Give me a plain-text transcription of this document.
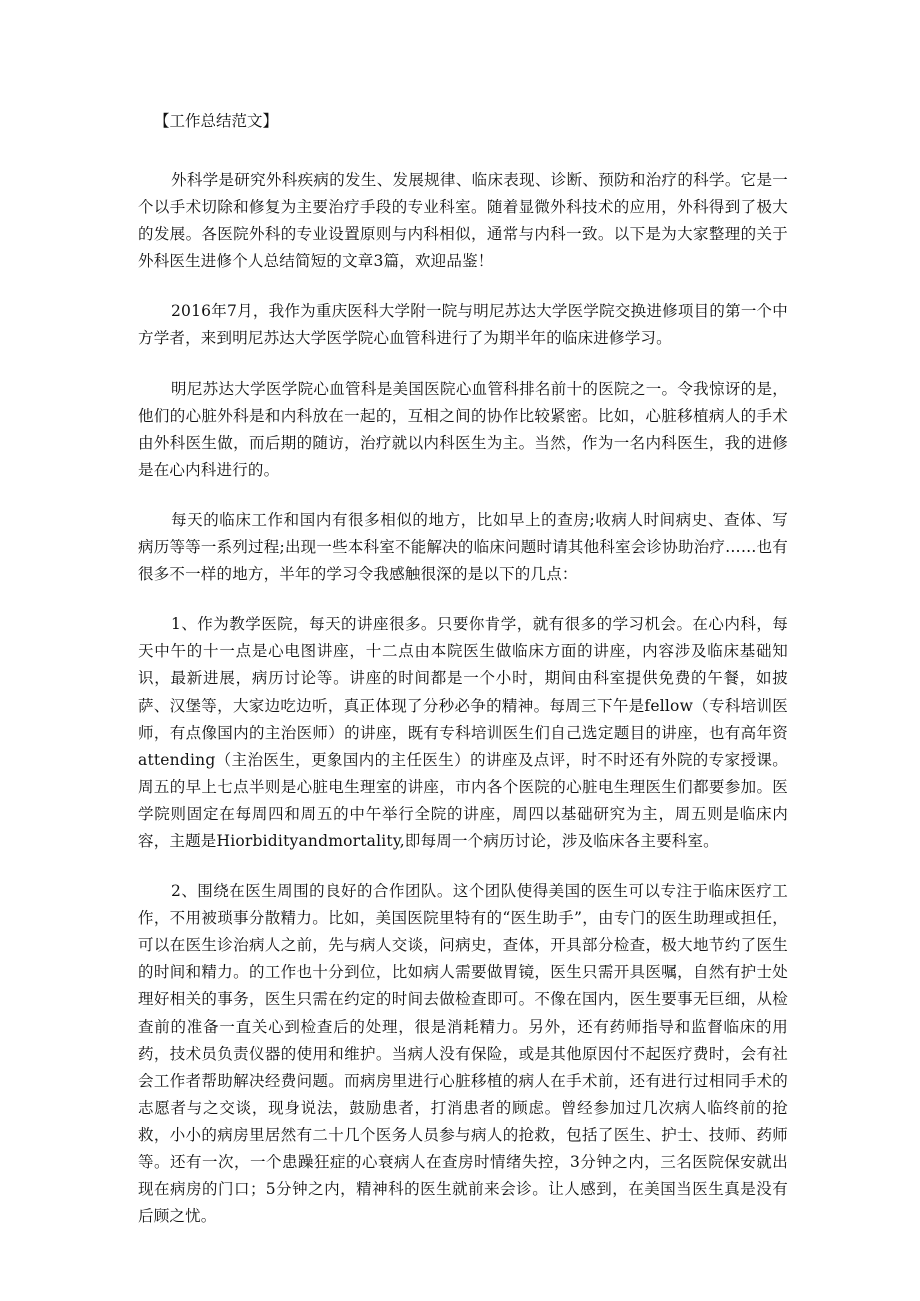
【工作总结范文】

外科学是研究外科疾病的发生、发展规律、临床表现、诊断、预防和治疗的科学。它是一个以手术切除和修复为主要治疗手段的专业科室。随着显微外科技术的应用，外科得到了极大的发展。各医院外科的专业设置原则与内科相似，通常与内科一致。以下是为大家整理的关于外科医生进修个人总结简短的文章3篇，欢迎品鉴！

2016年7月，我作为重庆医科大学附一院与明尼苏达大学医学院交换进修项目的第一个中方学者，来到明尼苏达大学医学院心血管科进行了为期半年的临床进修学习。

明尼苏达大学医学院心血管科是美国医院心血管科排名前十的医院之一。令我惊讶的是，他们的心脏外科是和内科放在一起的，互相之间的协作比较紧密。比如，心脏移植病人的手术由外科医生做，而后期的随访，治疗就以内科医生为主。当然，作为一名内科医生，我的进修是在心内科进行的。

每天的临床工作和国内有很多相似的地方，比如早上的查房;收病人时间病史、查体、写病历等等一系列过程;出现一些本科室不能解决的临床问题时请其他科室会诊协助治疗……也有很多不一样的地方，半年的学习令我感触很深的是以下的几点：

1、作为教学医院，每天的讲座很多。只要你肯学，就有很多的学习机会。在心内科，每天中午的十一点是心电图讲座，十二点由本院医生做临床方面的讲座，内容涉及临床基础知识，最新进展，病历讨论等。讲座的时间都是一个小时，期间由科室提供免费的午餐，如披萨、汉堡等，大家边吃边听，真正体现了分秒必争的精神。每周三下午是fellow（专科培训医师，有点像国内的主治医师）的讲座，既有专科培训医生们自己选定题目的讲座，也有高年资attending（主治医生，更象国内的主任医生）的讲座及点评，时不时还有外院的专家授课。周五的早上七点半则是心脏电生理室的讲座，市内各个医院的心脏电生理医生们都要参加。医学院则固定在每周四和周五的中午举行全院的讲座，周四以基础研究为主，周五则是临床内容，主题是Hiorbidityandmortality,即每周一个病历讨论，涉及临床各主要科室。

2、围绕在医生周围的良好的合作团队。这个团队使得美国的医生可以专注于临床医疗工作，不用被琐事分散精力。比如，美国医院里特有的“医生助手”，由专门的医生助理或担任，可以在医生诊治病人之前，先与病人交谈，问病史，查体，开具部分检查，极大地节约了医生的时间和精力。的工作也十分到位，比如病人需要做胃镜，医生只需开具医嘱，自然有护士处理好相关的事务，医生只需在约定的时间去做检查即可。不像在国内，医生要事无巨细，从检查前的准备一直关心到检查后的处理，很是消耗精力。另外，还有药师指导和监督临床的用药，技术员负责仪器的使用和维护。当病人没有保险，或是其他原因付不起医疗费时，会有社会工作者帮助解决经费问题。而病房里进行心脏移植的病人在手术前，还有进行过相同手术的志愿者与之交谈，现身说法，鼓励患者，打消患者的顾虑。曾经参加过几次病人临终前的抢救，小小的病房里居然有二十几个医务人员参与病人的抢救，包括了医生、护士、技师、药师等。还有一次，一个患躁狂症的心衰病人在查房时情绪失控，3分钟之内，三名医院保安就出现在病房的门口；5分钟之内，精神科的医生就前来会诊。让人感到，在美国当医生真是没有后顾之忧。
